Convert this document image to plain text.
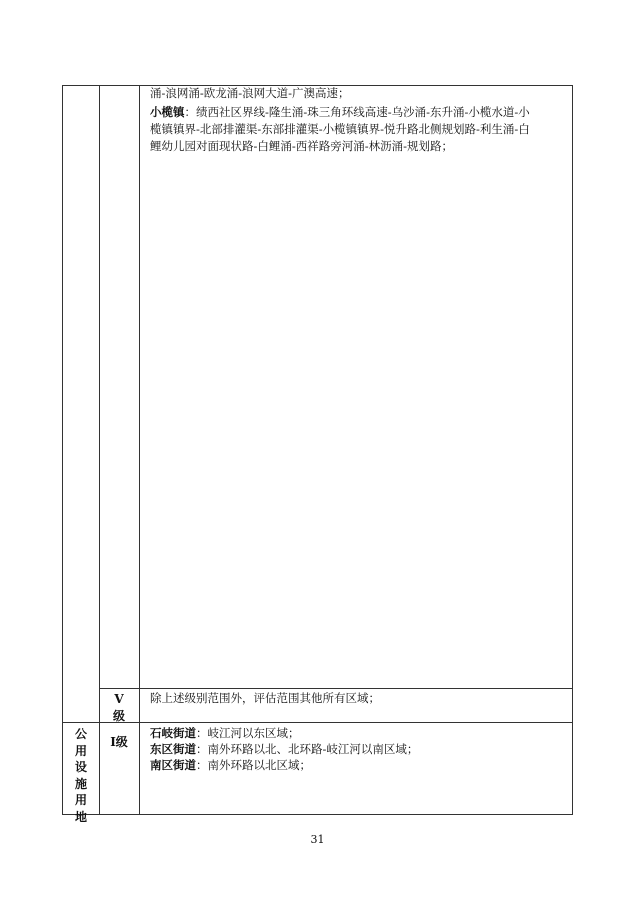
涌-浪网涌-欧龙涌-浪网大道-广澳高速；

小榄镇：绩西社区界线-隆生涌-珠三角环线高速-乌沙涌-东升涌-小榄水道-小

榄镇镇界-北部排灌渠-东部排灌渠-小榄镇镇界-悦升路北侧规划路-利生涌-白

鲤幼儿园对面现状路-白鲤涌-西祥路旁河涌-林沥涌-规划路；

Ⅴ级

除上述级别范围外，评估范围其他所有区域；

公用设施用地
Ⅰ级

石岐街道：岐江河以东区域；

东区街道：南外环路以北、北环路-岐江河以南区域；

南区街道：南外环路以北区域；

31
